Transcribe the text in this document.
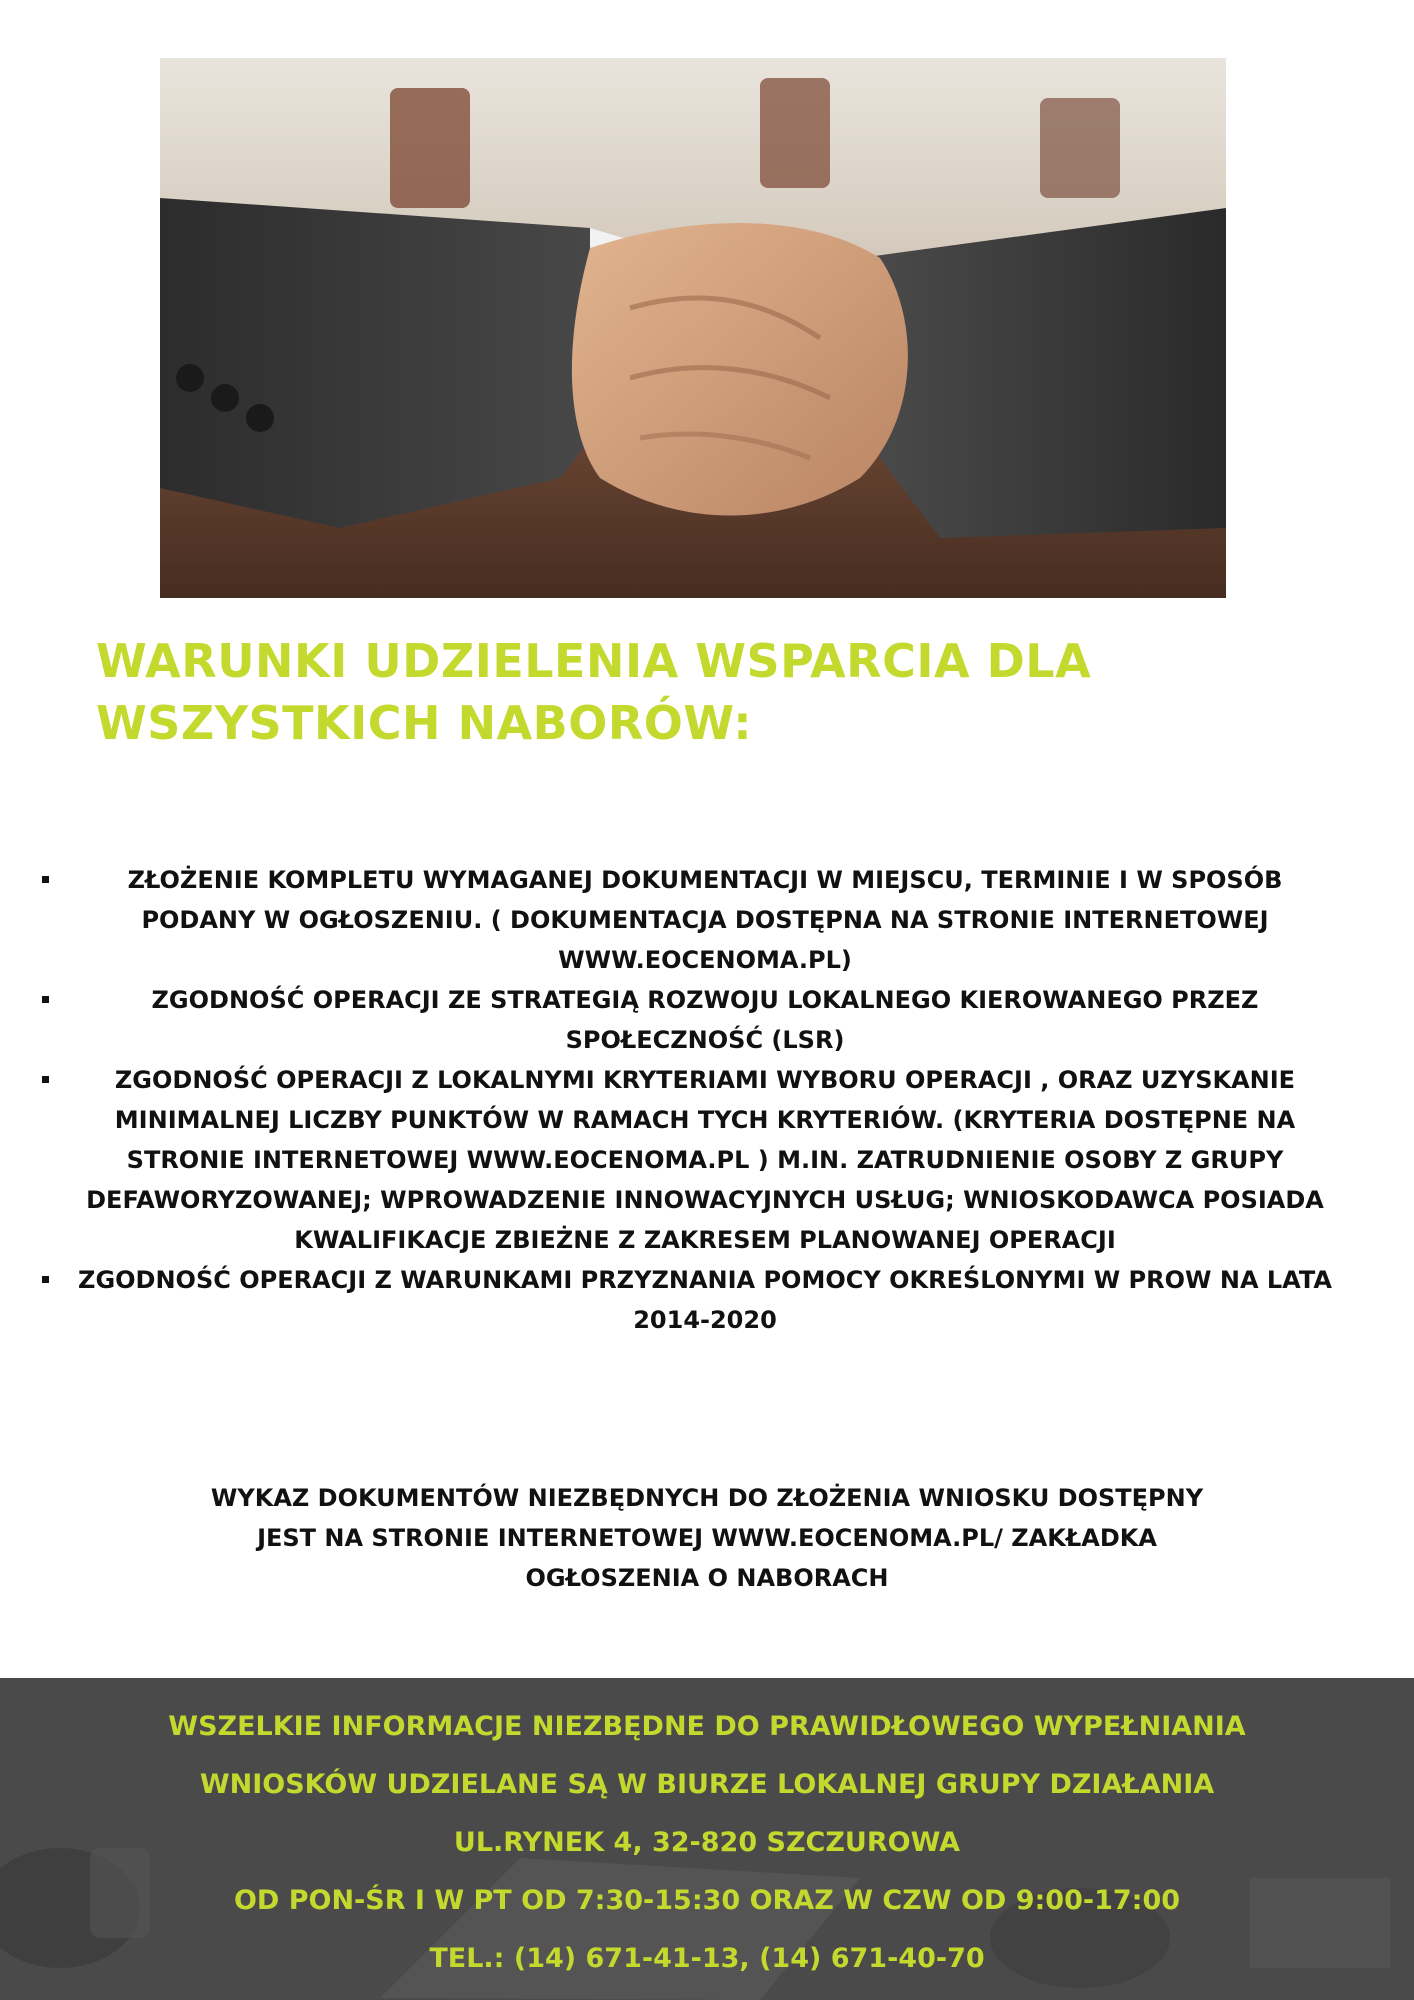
WARUNKI UDZIELENIA WSPARCIA DLA
WSZYSTKICH NABORÓW:
ZŁOŻENIE KOMPLETU WYMAGANEJ DOKUMENTACJI W MIEJSCU, TERMINIE I W SPOSÓB PODANY W OGŁOSZENIU. ( DOKUMENTACJA DOSTĘPNA NA STRONIE INTERNETOWEJ WWW.EOCENOMA.PL)
ZGODNOŚĆ OPERACJI ZE STRATEGIĄ ROZWOJU LOKALNEGO KIEROWANEGO PRZEZ SPOŁECZNOŚĆ (LSR)
ZGODNOŚĆ OPERACJI Z LOKALNYMI KRYTERIAMI WYBORU OPERACJI , ORAZ UZYSKANIE MINIMALNEJ LICZBY PUNKTÓW W RAMACH TYCH KRYTERIÓW. (KRYTERIA DOSTĘPNE NA STRONIE INTERNETOWEJ WWW.EOCENOMA.PL ) M.IN. ZATRUDNIENIE OSOBY Z GRUPY DEFAWORYZOWANEJ; WPROWADZENIE INNOWACYJNYCH USŁUG; WNIOSKODAWCA POSIADA KWALIFIKACJE ZBIEŻNE Z ZAKRESEM PLANOWANEJ OPERACJI
ZGODNOŚĆ OPERACJI Z WARUNKAMI PRZYZNANIA POMOCY OKREŚLONYMI W PROW NA LATA 2014-2020
WYKAZ DOKUMENTÓW NIEZBĘDNYCH DO ZŁOŻENIA WNIOSKU DOSTĘPNY
JEST NA STRONIE INTERNETOWEJ WWW.EOCENOMA.PL/ ZAKŁADKA
OGŁOSZENIA O NABORACH
WSZELKIE INFORMACJE NIEZBĘDNE DO PRAWIDŁOWEGO WYPEŁNIANIA
WNIOSKÓW UDZIELANE SĄ W BIURZE LOKALNEJ GRUPY DZIAŁANIA
UL.RYNEK 4, 32-820 SZCZUROWA
OD PON-ŚR I W PT OD 7:30-15:30 ORAZ W CZW OD 9:00-17:00
TEL.: (14) 671-41-13, (14) 671-40-70
